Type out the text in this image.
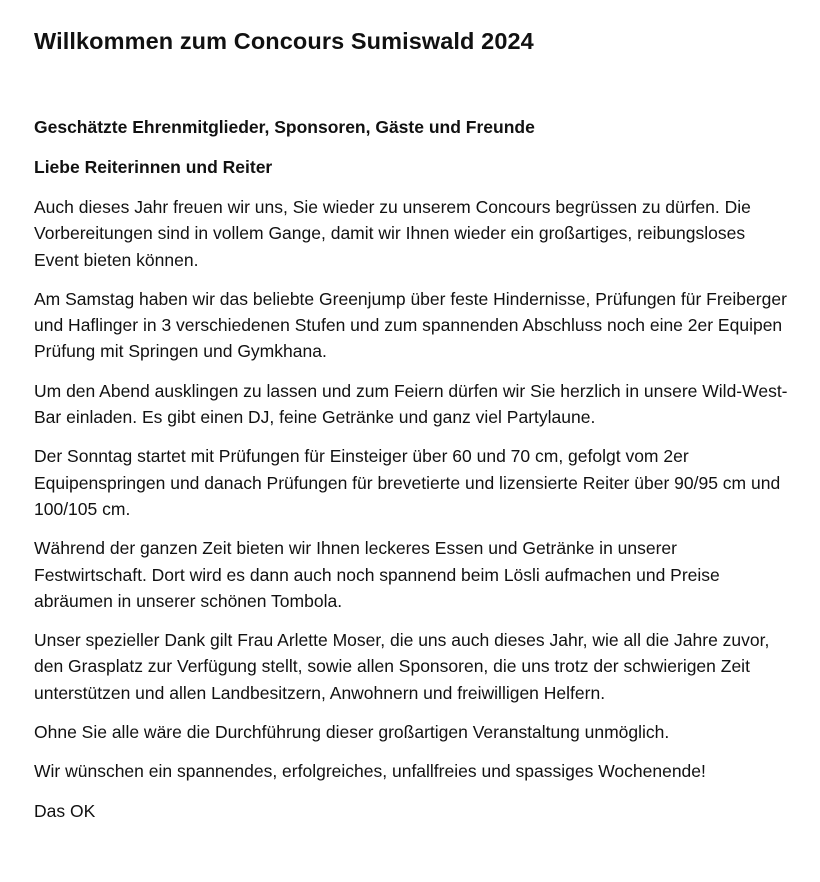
Willkommen zum Concours Sumiswald 2024

Geschätzte Ehrenmitglieder, Sponsoren, Gäste und Freunde

Liebe Reiterinnen und Reiter

Auch dieses Jahr freuen wir uns, Sie wieder zu unserem Concours begrüssen zu dürfen. Die Vorbereitungen sind in vollem Gange, damit wir Ihnen wieder ein großartiges, reibungsloses Event bieten können.

Am Samstag haben wir das beliebte Greenjump über feste Hindernisse, Prüfungen für Freiberger und Haflinger in 3 verschiedenen Stufen und zum spannenden Abschluss noch eine 2er Equipen Prüfung mit Springen und Gymkhana.

Um den Abend ausklingen zu lassen und zum Feiern dürfen wir Sie herzlich in unsere Wild-West-Bar einladen. Es gibt einen DJ, feine Getränke und ganz viel Partylaune.

Der Sonntag startet mit Prüfungen für Einsteiger über 60 und 70 cm, gefolgt vom 2er Equipenspringen und danach Prüfungen für brevetierte und lizensierte Reiter über 90/95 cm und 100/105 cm.

Während der ganzen Zeit bieten wir Ihnen leckeres Essen und Getränke in unserer Festwirtschaft. Dort wird es dann auch noch spannend beim Lösli aufmachen und Preise abräumen in unserer schönen Tombola.

Unser spezieller Dank gilt Frau Arlette Moser, die uns auch dieses Jahr, wie all die Jahre zuvor, den Grasplatz zur Verfügung stellt, sowie allen Sponsoren, die uns trotz der schwierigen Zeit unterstützen und allen Landbesitzern, Anwohnern und freiwilligen Helfern.

Ohne Sie alle wäre die Durchführung dieser großartigen Veranstaltung unmöglich.

Wir wünschen ein spannendes, erfolgreiches, unfallfreies und spassiges Wochenende!

Das OK
